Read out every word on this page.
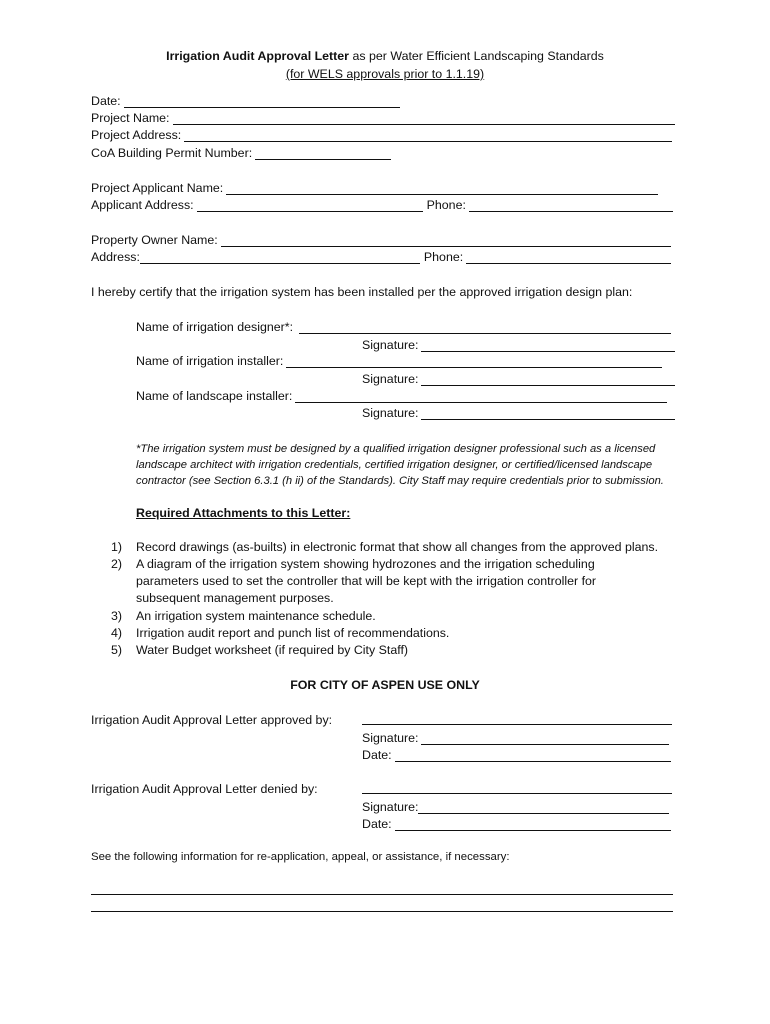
Irrigation Audit Approval Letter as per Water Efficient Landscaping Standards
(for WELS approvals prior to 1.1.19)
Date:
Project Name:
Project Address:
CoA Building Permit Number:
Project Applicant Name:
Applicant Address:	Phone:
Property Owner Name:
Address:	Phone:
I hereby certify that the irrigation system has been installed per the approved irrigation design plan:
Name of irrigation designer*:
Signature:
Name of irrigation installer:
Signature:
Name of landscape installer:
Signature:
*The irrigation system must be designed by a qualified irrigation designer professional such as a licensed
landscape architect with irrigation credentials, certified irrigation designer, or certified/licensed landscape
contractor (see Section 6.3.1 (h ii) of the Standards). City Staff may require credentials prior to submission.
Required Attachments to this Letter:
1) Record drawings (as-builts) in electronic format that show all changes from the approved plans.
2) A diagram of the irrigation system showing hydrozones and the irrigation scheduling
parameters used to set the controller that will be kept with the irrigation controller for
subsequent management purposes.
3) An irrigation system maintenance schedule.
4) Irrigation audit report and punch list of recommendations.
5) Water Budget worksheet (if required by City Staff)
FOR CITY OF ASPEN USE ONLY
Irrigation Audit Approval Letter approved by:
Signature:
Date:
Irrigation Audit Approval Letter denied by:
Signature:
Date:
See the following information for re-application, appeal, or assistance, if necessary:
